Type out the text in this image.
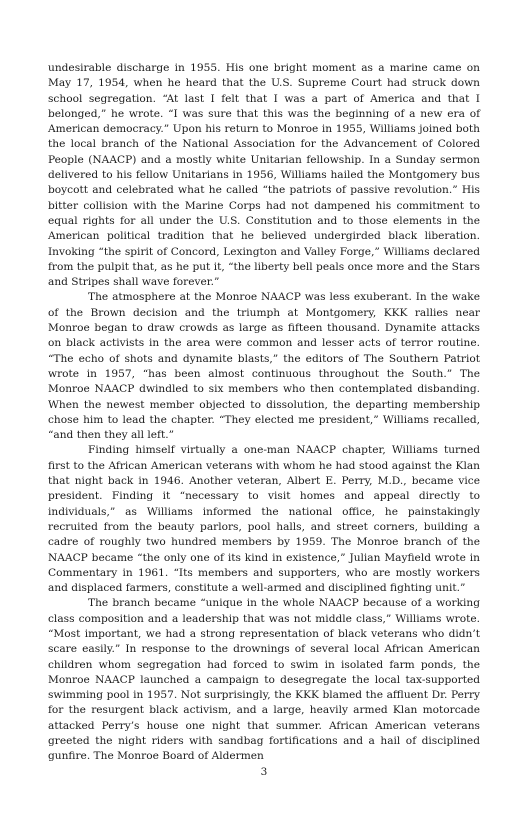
undesirable discharge in 1955. His one bright moment as a marine came on May 17, 1954, when he heard that the U.S. Supreme Court had struck down school segregation. “At last I felt that I was a part of America and that I belonged,” he wrote. “I was sure that this was the beginning of a new era of American democracy.” Upon his return to Monroe in 1955, Williams joined both the local branch of the National Association for the Advancement of Colored People (NAACP) and a mostly white Unitarian fellowship. In a Sunday sermon delivered to his fellow Unitarians in 1956, Williams hailed the Montgomery bus boycott and celebrated what he called “the patriots of passive revolution.” His bitter collision with the Marine Corps had not dampened his commitment to equal rights for all under the U.S. Constitution and to those elements in the American political tradition that he believed undergirded black liberation. Invoking “the spirit of Concord, Lexington and Valley Forge,” Williams declared from the pulpit that, as he put it, “the liberty bell peals once more and the Stars and Stripes shall wave forever.”

The atmosphere at the Monroe NAACP was less exuberant. In the wake of the Brown decision and the triumph at Montgomery, KKK rallies near Monroe began to draw crowds as large as fifteen thousand. Dynamite attacks on black activists in the area were common and lesser acts of terror routine. “The echo of shots and dynamite blasts,” the editors of The Southern Patriot wrote in 1957, “has been almost continuous throughout the South.” The Monroe NAACP dwindled to six members who then contemplated disbanding. When the newest member objected to dissolution, the departing membership chose him to lead the chapter. “They elected me president,” Williams recalled, “and then they all left.”

Finding himself virtually a one-man NAACP chapter, Williams turned first to the African American veterans with whom he had stood against the Klan that night back in 1946. Another veteran, Albert E. Perry, M.D., became vice president. Finding it “necessary to visit homes and appeal directly to individuals,” as Williams informed the national office, he painstakingly recruited from the beauty parlors, pool halls, and street corners, building a cadre of roughly two hundred members by 1959. The Monroe branch of the NAACP became “the only one of its kind in existence,” Julian Mayfield wrote in Commentary in 1961. “Its members and supporters, who are mostly workers and displaced farmers, constitute a well-armed and disciplined fighting unit.”

The branch became “unique in the whole NAACP because of a working class composition and a leadership that was not middle class,” Williams wrote. “Most important, we had a strong representation of black veterans who didn’t scare easily.” In response to the drownings of several local African American children whom segregation had forced to swim in isolated farm ponds, the Monroe NAACP launched a campaign to desegregate the local tax-supported swimming pool in 1957. Not surprisingly, the KKK blamed the affluent Dr. Perry for the resurgent black activism, and a large, heavily armed Klan motorcade attacked Perry’s house one night that summer. African American veterans greeted the night riders with sandbag fortifications and a hail of disciplined gunfire. The Monroe Board of Aldermen

3
